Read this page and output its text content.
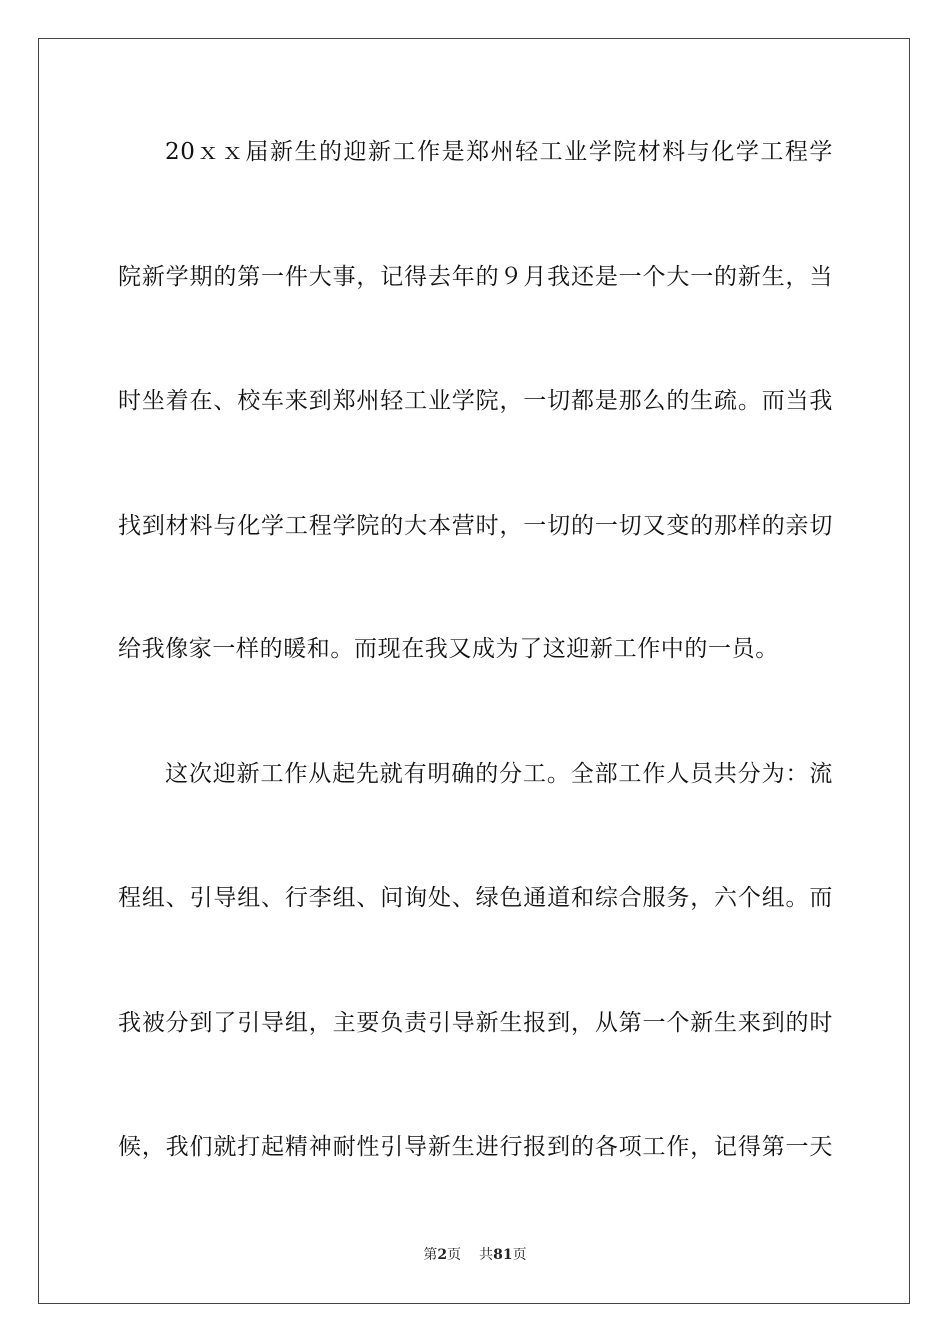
20ｘｘ届新生的迎新工作是郑州轻工业学院材料与化学工程学
院新学期的第一件大事，记得去年的９月我还是一个大一的新生，当
时坐着在、校车来到郑州轻工业学院，一切都是那么的生疏。而当我
找到材料与化学工程学院的大本营时，一切的一切又变的那样的亲切
给我像家一样的暖和。而现在我又成为了这迎新工作中的一员。
这次迎新工作从起先就有明确的分工。全部工作人员共分为：流
程组、引导组、行李组、问询处、绿色通道和综合服务，六个组。而
我被分到了引导组，主要负责引导新生报到，从第一个新生来到的时
候，我们就打起精神耐性引导新生进行报到的各项工作，记得第一天
第2页 共81页
